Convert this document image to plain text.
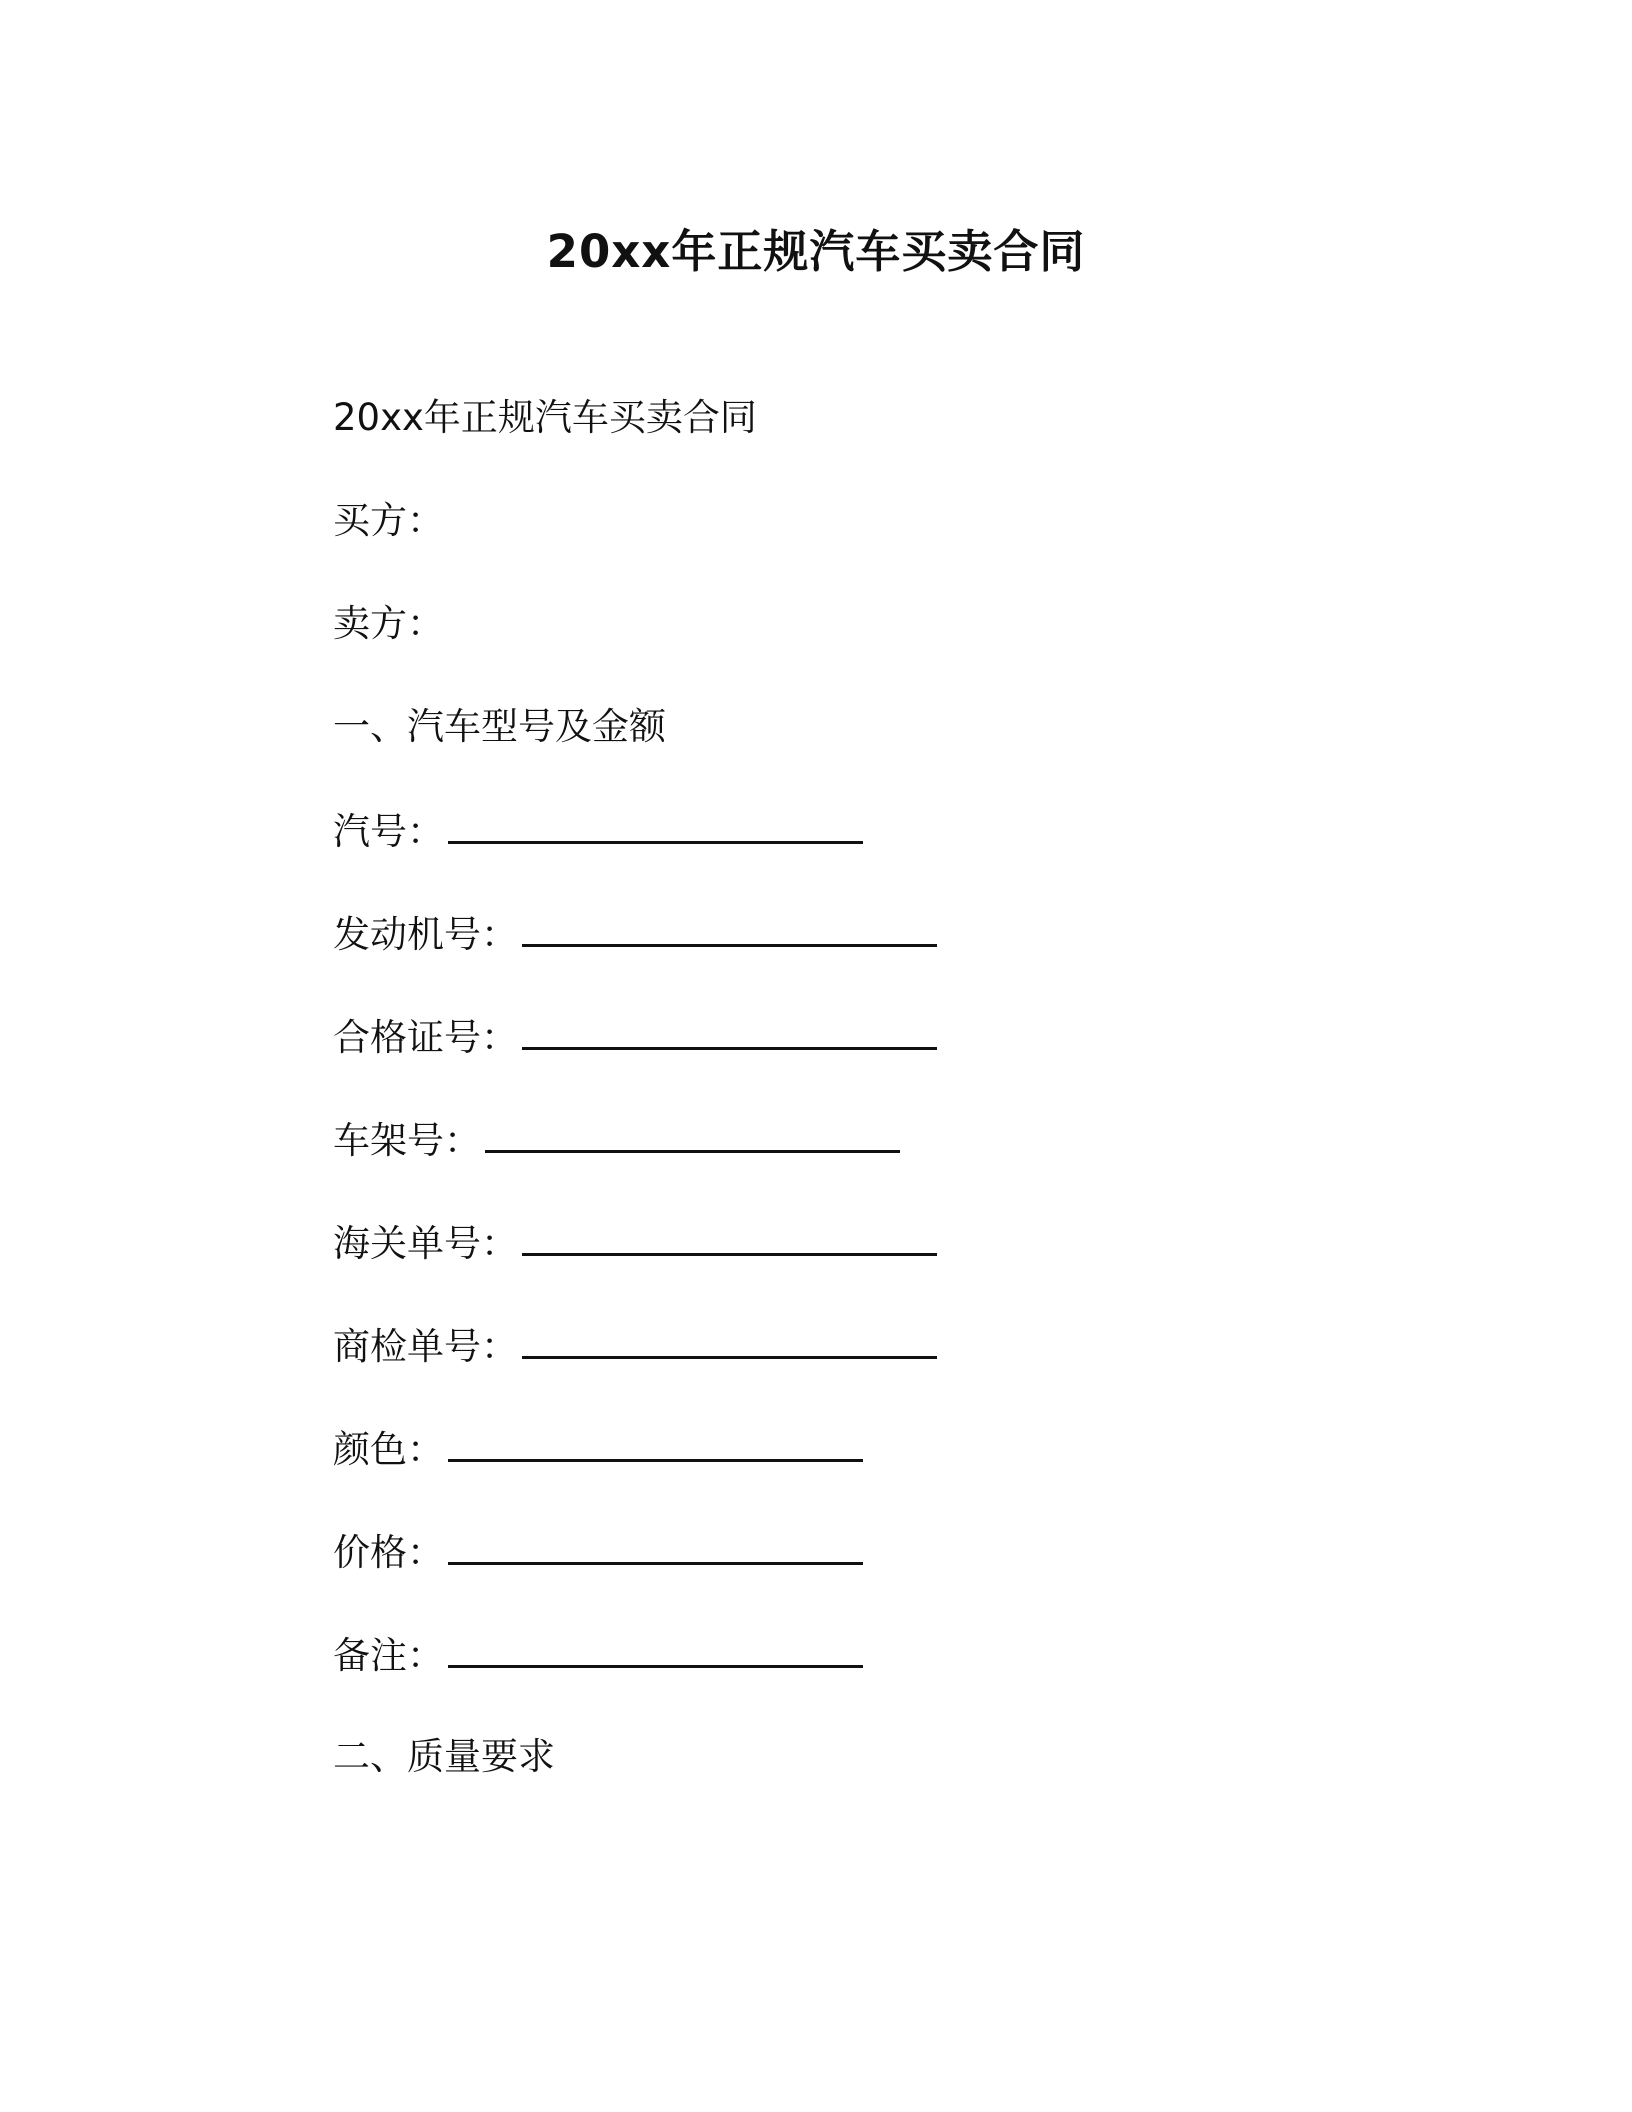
20xx年正规汽车买卖合同
20xx年正规汽车买卖合同
买方：
卖方：
一、汽车型号及金额
汽号：
发动机号：
合格证号：
车架号：
海关单号：
商检单号：
颜色：
价格：
备注：
二、质量要求
